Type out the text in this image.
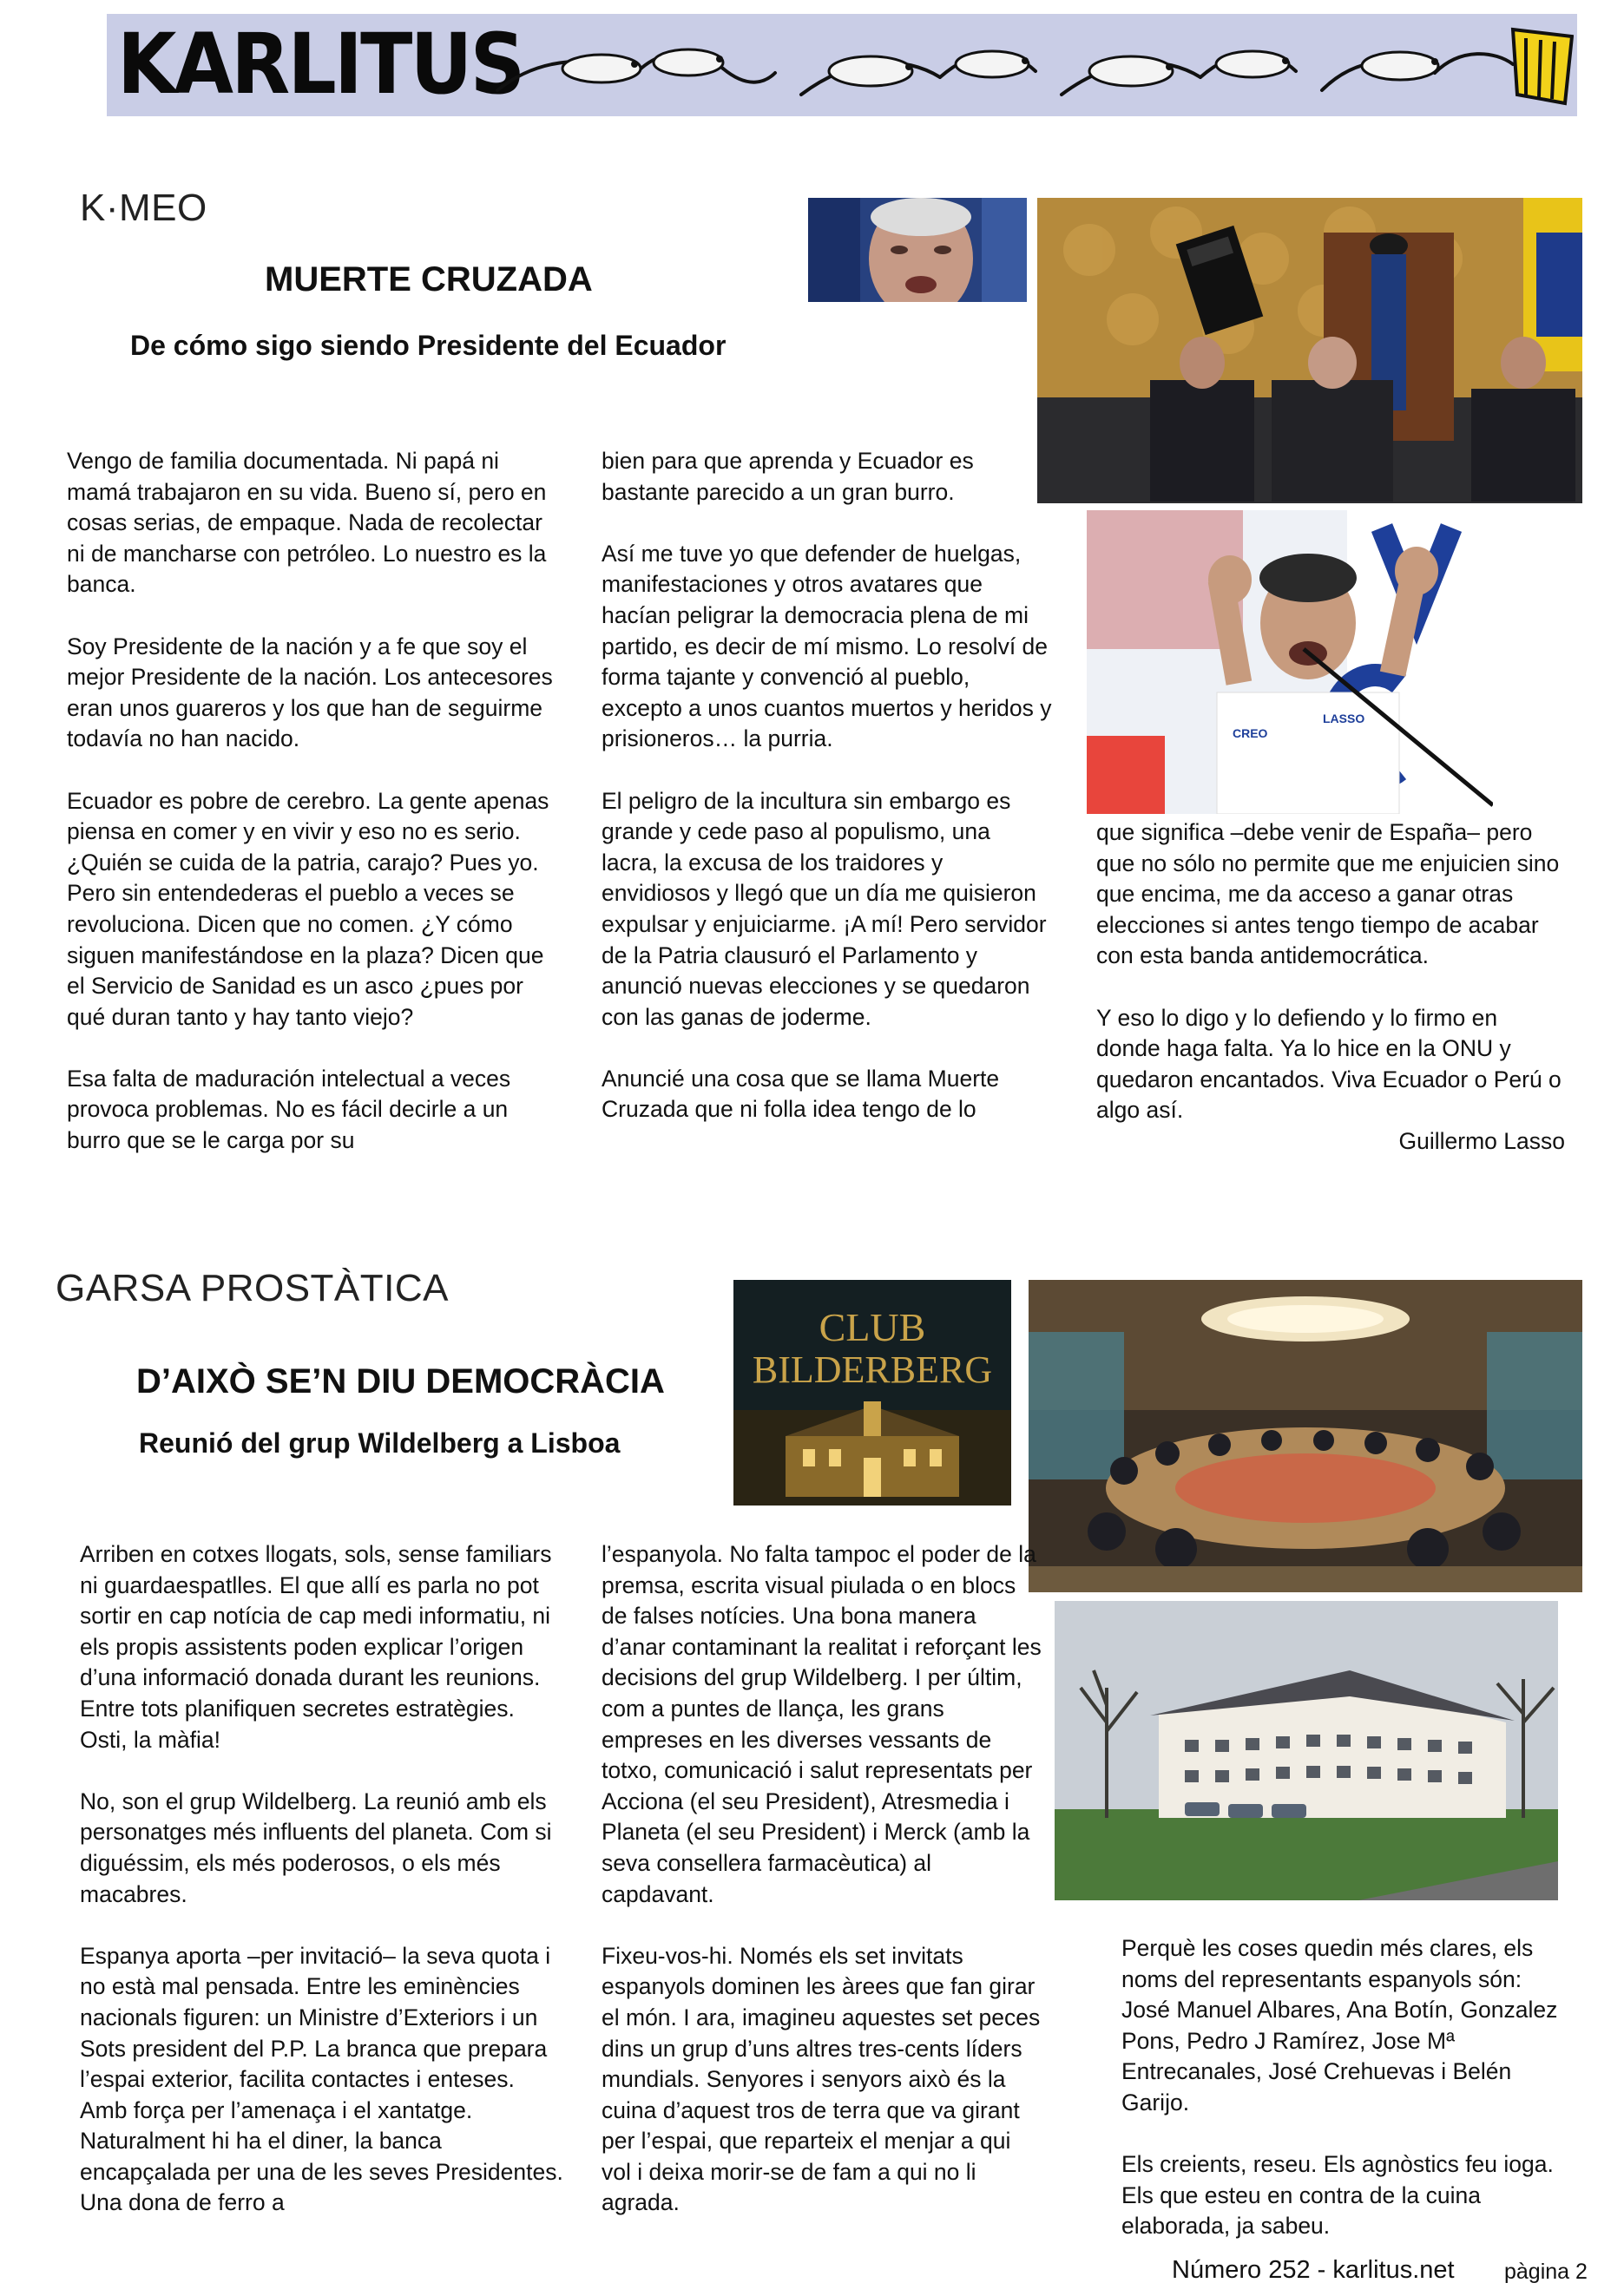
KARLITUS
K·MEO
MUERTE CRUZADA
De cómo sigo siendo Presidente del Ecuador
CREO
LASSO

Vengo de familia documentada. Ni papá ni mamá trabajaron en su vida. Bueno sí, pero en cosas serias, de empaque. Nada de recolectar ni de mancharse con petróleo. Lo nuestro es la banca.

Soy Presidente de la nación y a fe que soy el mejor Presidente de la nación. Los antecesores eran unos guareros y los que han de seguirme todavía no han nacido.

Ecuador es pobre de cerebro. La gente apenas piensa en comer y en vivir y eso no es serio. ¿Quién se cuida de la patria, carajo? Pues yo. Pero sin entendederas el pueblo a veces se revoluciona. Dicen que no comen. ¿Y cómo siguen manifestándose en la plaza? Dicen que el Servicio de Sanidad es un asco ¿pues por qué duran tanto y hay tanto viejo?

Esa falta de maduración intelectual a veces provoca problemas. No es fácil decirle a un burro que se le carga por su

bien para que aprenda y Ecuador es bastante parecido a un gran burro.

Así me tuve yo que defender de huelgas, manifestaciones y otros avatares que hacían peligrar la democracia plena de mi partido, es decir de mí mismo. Lo resolví de forma tajante y convenció al pueblo, excepto a unos cuantos muertos y heridos y prisioneros… la purria.

El peligro de la incultura sin embargo es grande y cede paso al populismo, una lacra, la excusa de los traidores y envidiosos y llegó que un día me quisieron expulsar y enjuiciarme. ¡A mí! Pero servidor de la Patria clausuró el Parlamento y anunció nuevas elecciones y se quedaron con las ganas de joderme.

Anuncié una cosa que se llama Muerte Cruzada que ni folla idea tengo de lo

que significa –debe venir de España– pero que no sólo no permite que me enjuicien sino que encima, me da acceso a ganar otras elecciones si antes tengo tiempo de acabar con esta banda antidemocrática.

Y eso lo digo y lo defiendo y lo firmo en donde haga falta. Ya lo hice en la ONU y quedaron encantados. Viva Ecuador o Perú o algo así.

Guillermo Lasso
GARSA PROSTÀTICA
D’AIXÒ SE’N DIU DEMOCRÀCIA
Reunió del grup Wildelberg a Lisboa
CLUB
BILDERBERG

Arriben en cotxes llogats, sols, sense familiars ni guardaespatlles. El que allí es parla no pot sortir en cap notícia de cap medi informatiu, ni els propis assistents poden explicar l’origen d’una informació donada durant les reunions. Entre tots planifiquen secretes estratègies. Osti, la màfia!

No, son el grup Wildelberg. La reunió amb els personatges més influents del planeta. Com si diguéssim, els més poderosos, o els més macabres.

Espanya aporta –per invitació– la seva quota i no està mal pensada. Entre les eminències nacionals figuren: un Ministre d’Exteriors i un Sots president del P.P. La branca que prepara l’espai exterior, facilita contactes i enteses. Amb força per l’amenaça i el xantatge. Naturalment hi ha el diner, la banca encapçalada per una de les seves Presidentes. Una dona de ferro a

l’espanyola. No falta tampoc el poder de la premsa, escrita visual piulada o en blocs de falses notícies. Una bona manera d’anar contaminant la realitat i reforçant les decisions del grup Wildelberg. I per últim, com a puntes de llança, les grans empreses en les diverses vessants de totxo, comunicació i salut representats per Acciona (el seu President), Atresmedia i Planeta (el seu President) i Merck (amb la seva consellera farmacèutica) al capdavant.

Fixeu-vos-hi. Només els set invitats espanyols dominen les àrees que fan girar el món. I ara, imagineu aquestes set peces dins un grup d’uns altres tres-cents líders mundials. Senyores i senyors això és la cuina d’aquest tros de terra que va girant per l’espai, que reparteix el menjar a qui vol i deixa morir-se de fam a qui no li agrada.

Perquè les coses quedin més clares, els noms del representants espanyols són: José Manuel Albares, Ana Botín, Gonzalez Pons, Pedro J Ramírez, Jose Mª Entrecanales, José Crehuevas i Belén Garijo.

Els creients, reseu. Els agnòstics feu ioga. Els que esteu en contra de la cuina elaborada, ja sabeu.

Número 252 - karlitus.net pàgina 2
